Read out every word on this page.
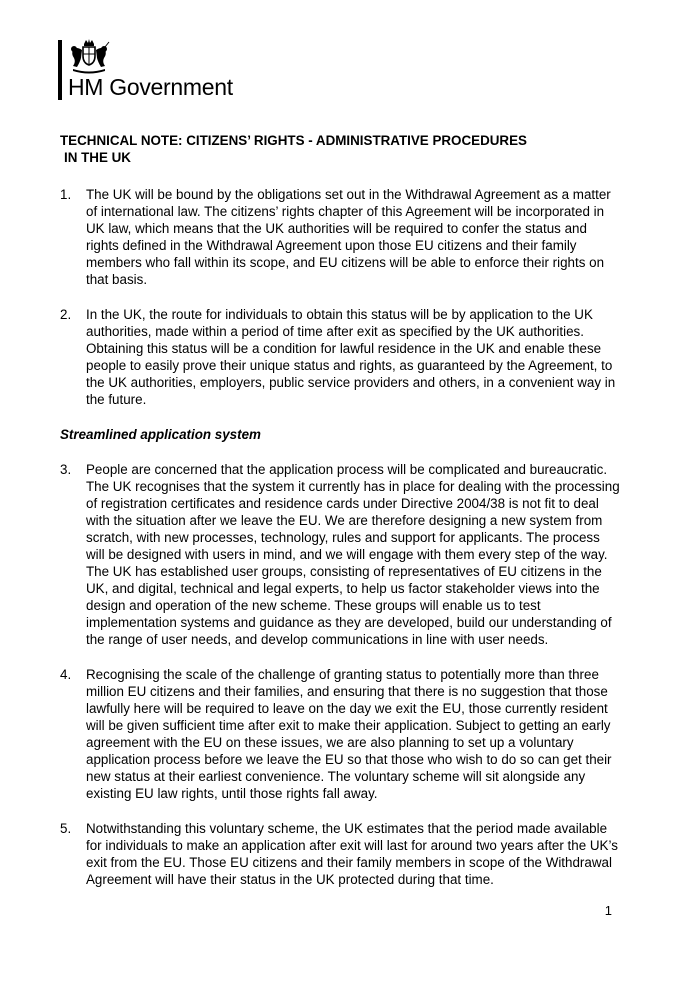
HM Government
TECHNICAL NOTE: CITIZENS’ RIGHTS - ADMINISTRATIVE PROCEDURES
IN THE UK
1. The UK will be bound by the obligations set out in the Withdrawal Agreement as a matter of international law. The citizens’ rights chapter of this Agreement will be incorporated in UK law, which means that the UK authorities will be required to confer the status and rights defined in the Withdrawal Agreement upon those EU citizens and their family members who fall within its scope, and EU citizens will be able to enforce their rights on that basis.
2. In the UK, the route for individuals to obtain this status will be by application to the UK authorities, made within a period of time after exit as specified by the UK authorities. Obtaining this status will be a condition for lawful residence in the UK and enable these people to easily prove their unique status and rights, as guaranteed by the Agreement, to the UK authorities, employers, public service providers and others, in a convenient way in the future.
Streamlined application system
3. People are concerned that the application process will be complicated and bureaucratic. The UK recognises that the system it currently has in place for dealing with the processing of registration certificates and residence cards under Directive 2004/38 is not fit to deal with the situation after we leave the EU. We are therefore designing a new system from scratch, with new processes, technology, rules and support for applicants. The process will be designed with users in mind, and we will engage with them every step of the way. The UK has established user groups, consisting of representatives of EU citizens in the UK, and digital, technical and legal experts, to help us factor stakeholder views into the design and operation of the new scheme. These groups will enable us to test implementation systems and guidance as they are developed, build our understanding of the range of user needs, and develop communications in line with user needs.
4. Recognising the scale of the challenge of granting status to potentially more than three million EU citizens and their families, and ensuring that there is no suggestion that those lawfully here will be required to leave on the day we exit the EU, those currently resident will be given sufficient time after exit to make their application. Subject to getting an early agreement with the EU on these issues, we are also planning to set up a voluntary application process before we leave the EU so that those who wish to do so can get their new status at their earliest convenience. The voluntary scheme will sit alongside any existing EU law rights, until those rights fall away.
5. Notwithstanding this voluntary scheme, the UK estimates that the period made available for individuals to make an application after exit will last for around two years after the UK’s exit from the EU. Those EU citizens and their family members in scope of the Withdrawal Agreement will have their status in the UK protected during that time.
1
